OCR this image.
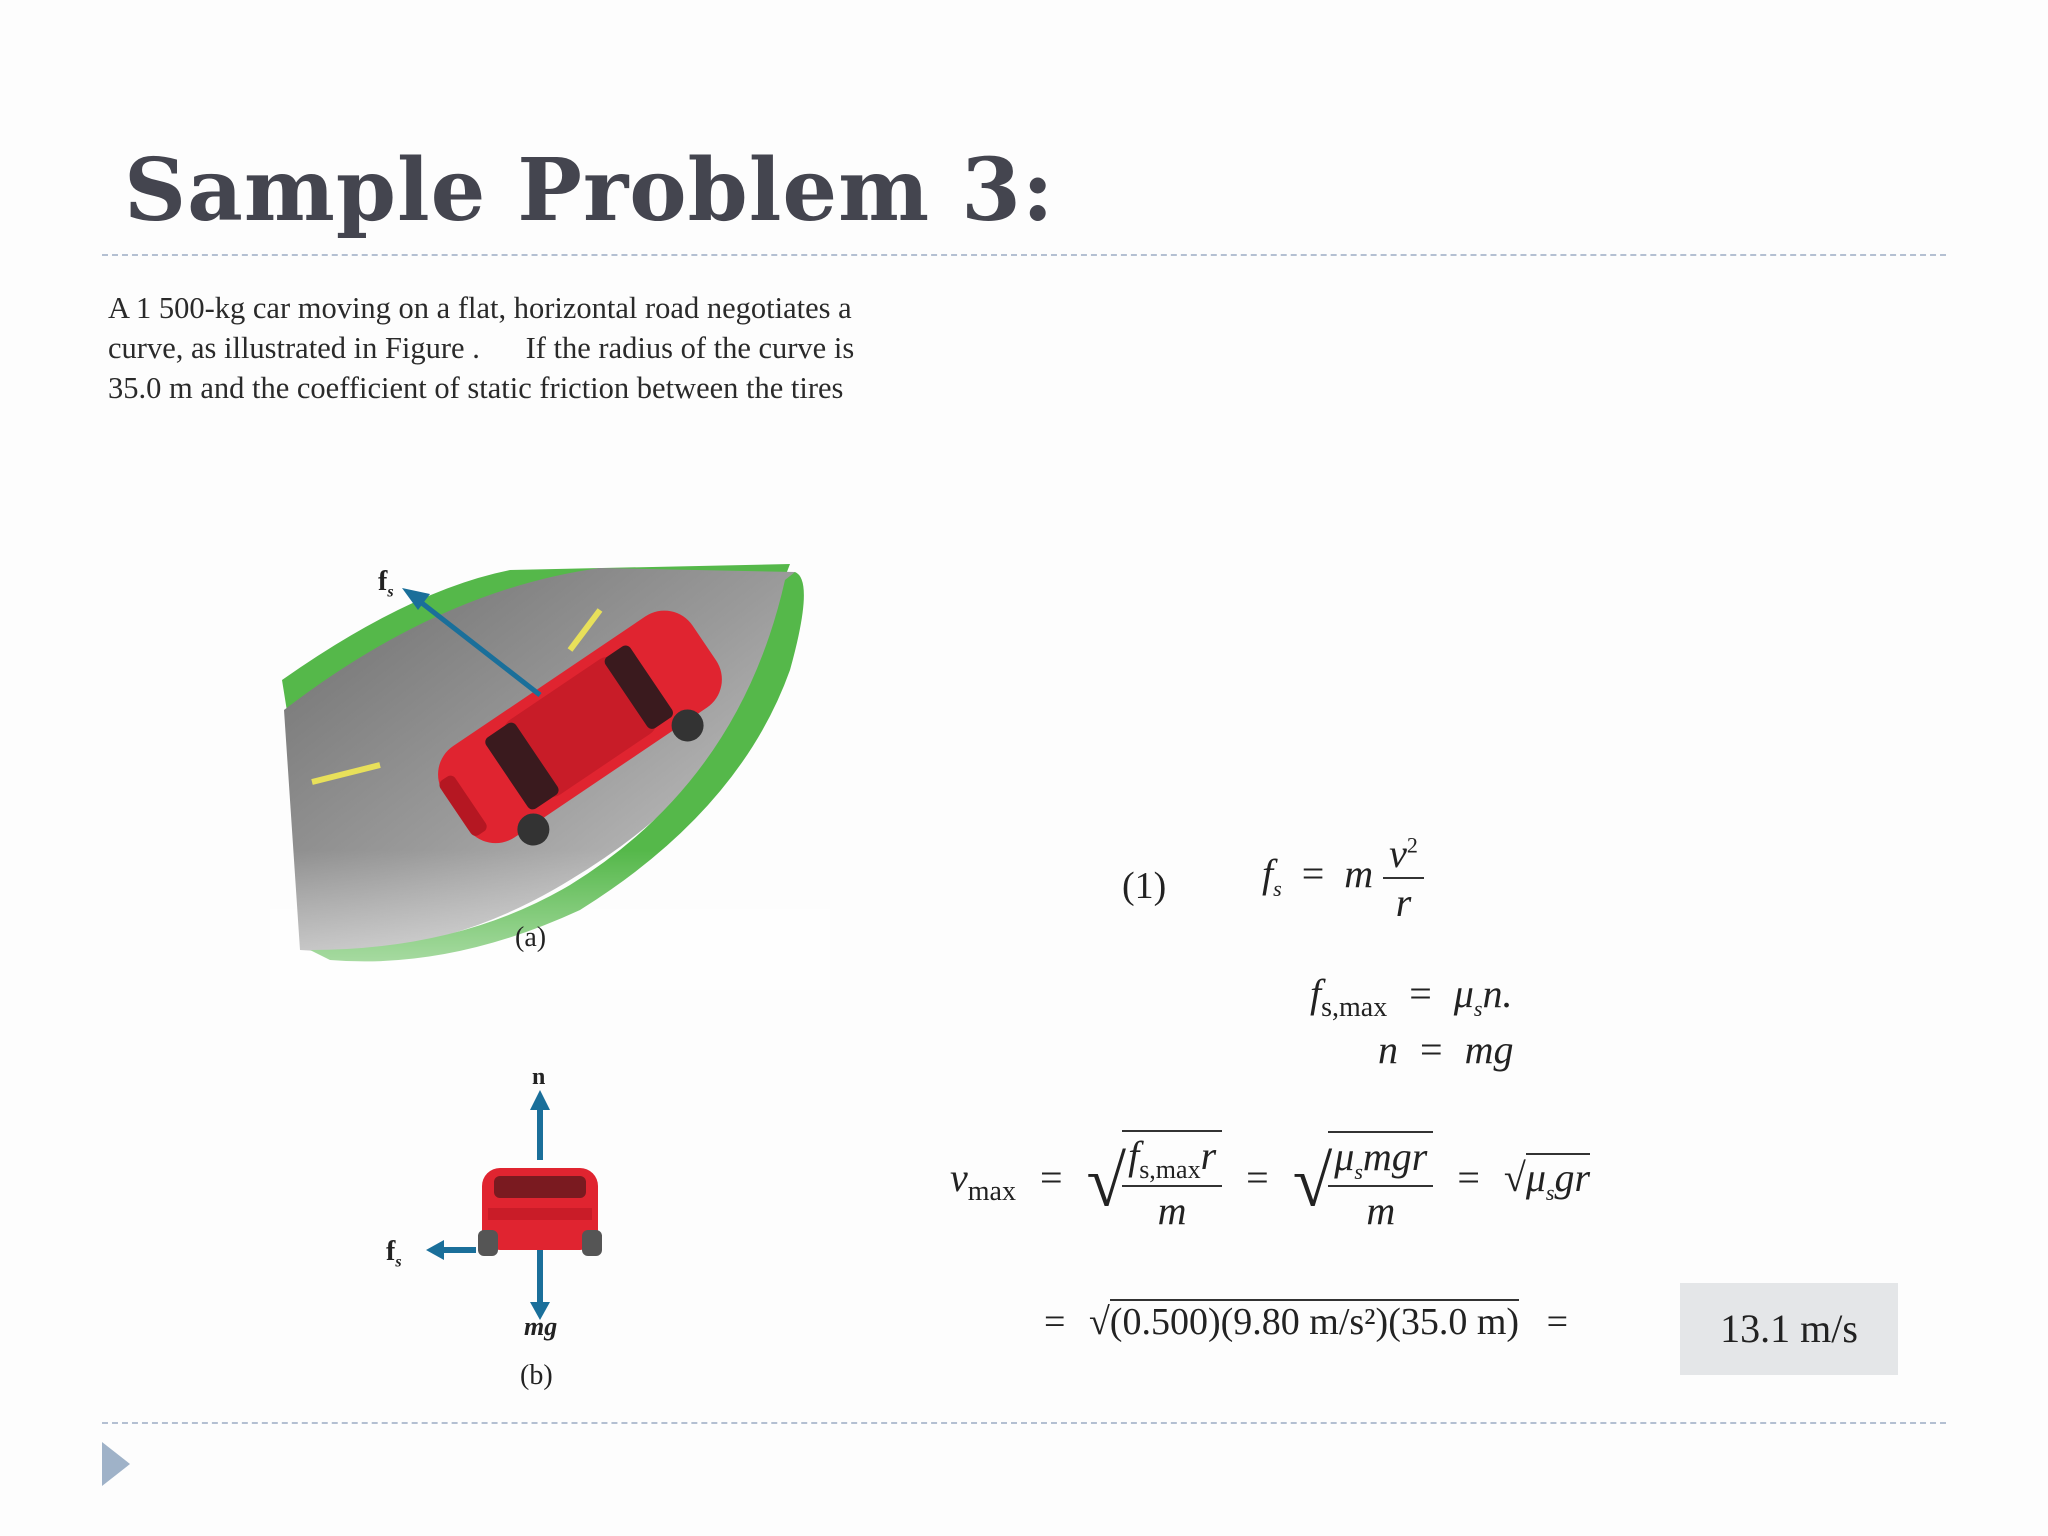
Sample Problem 3:
A 1 500-kg car moving on a flat, horizontal road negotiates a
curve, as illustrated in Figure .      If the radius of the curve is
35.0 m and the coefficient of static friction between the tires
$f_s$
(a)
n
$f_s$
mg
(b)
(1) $f_s = m \frac{v^2}{r}$
$f_{s,max} = \mu_sn$.
n = mg
$v_{max}$ = √
$\frac{f_{s,max}r}{m}$ = √
$\frac{\mu_smgr}{m} = √\mu_sgr$
= √(0.500)(9.80 m/s²)(35.0 m) =	13.1 m/s
